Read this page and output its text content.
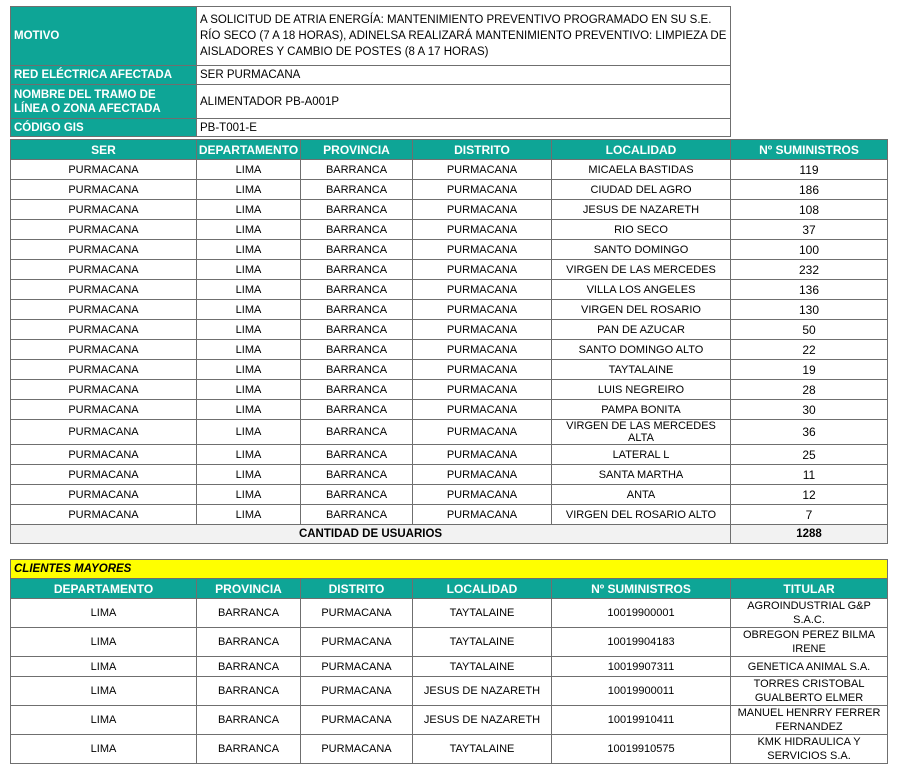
MOTIVO	A SOLICITUD DE ATRIA ENERGÍA: MANTENIMIENTO PREVENTIVO PROGRAMADO EN SU S.E. RÍO SECO (7 A 18 HORAS), ADINELSA REALIZARÁ MANTENIMIENTO PREVENTIVO: LIMPIEZA DE AISLADORES Y CAMBIO DE POSTES (8 A 17 HORAS)
RED ELÉCTRICA AFECTADA	SER PURMACANA
NOMBRE DEL TRAMO DE LÍNEA O ZONA AFECTADA	ALIMENTADOR PB-A001P
CÓDIGO GIS	PB-T001-E
SER	DEPARTAMENTO	PROVINCIA	DISTRITO	LOCALIDAD	Nº SUMINISTROS
PURMACANA	LIMA	BARRANCA	PURMACANA	MICAELA BASTIDAS	119
PURMACANA	LIMA	BARRANCA	PURMACANA	CIUDAD DEL AGRO	186
PURMACANA	LIMA	BARRANCA	PURMACANA	JESUS DE NAZARETH	108
PURMACANA	LIMA	BARRANCA	PURMACANA	RIO SECO	37
PURMACANA	LIMA	BARRANCA	PURMACANA	SANTO DOMINGO	100
PURMACANA	LIMA	BARRANCA	PURMACANA	VIRGEN DE LAS MERCEDES	232
PURMACANA	LIMA	BARRANCA	PURMACANA	VILLA LOS ANGELES	136
PURMACANA	LIMA	BARRANCA	PURMACANA	VIRGEN DEL ROSARIO	130
PURMACANA	LIMA	BARRANCA	PURMACANA	PAN DE AZUCAR	50
PURMACANA	LIMA	BARRANCA	PURMACANA	SANTO DOMINGO ALTO	22
PURMACANA	LIMA	BARRANCA	PURMACANA	TAYTALAINE	19
PURMACANA	LIMA	BARRANCA	PURMACANA	LUIS NEGREIRO	28
PURMACANA	LIMA	BARRANCA	PURMACANA	PAMPA BONITA	30
PURMACANA	LIMA	BARRANCA	PURMACANA	VIRGEN DE LAS MERCEDES ALTA	36
PURMACANA	LIMA	BARRANCA	PURMACANA	LATERAL L	25
PURMACANA	LIMA	BARRANCA	PURMACANA	SANTA MARTHA	11
PURMACANA	LIMA	BARRANCA	PURMACANA	ANTA	12
PURMACANA	LIMA	BARRANCA	PURMACANA	VIRGEN DEL ROSARIO ALTO	7
CANTIDAD DE USUARIOS					1288
CLIENTES MAYORES					
DEPARTAMENTO	PROVINCIA	DISTRITO	LOCALIDAD	Nº SUMINISTROS	TITULAR
LIMA	BARRANCA	PURMACANA	TAYTALAINE	10019900001	AGROINDUSTRIAL G&P S.A.C.
LIMA	BARRANCA	PURMACANA	TAYTALAINE	10019904183	OBREGON PEREZ BILMA IRENE
LIMA	BARRANCA	PURMACANA	TAYTALAINE	10019907311	GENETICA ANIMAL S.A.
LIMA	BARRANCA	PURMACANA	JESUS DE NAZARETH	10019900011	TORRES CRISTOBAL GUALBERTO ELMER
LIMA	BARRANCA	PURMACANA	JESUS DE NAZARETH	10019910411	MANUEL HENRRY FERRER FERNANDEZ
LIMA	BARRANCA	PURMACANA	TAYTALAINE	10019910575	KMK HIDRAULICA Y SERVICIOS S.A.
